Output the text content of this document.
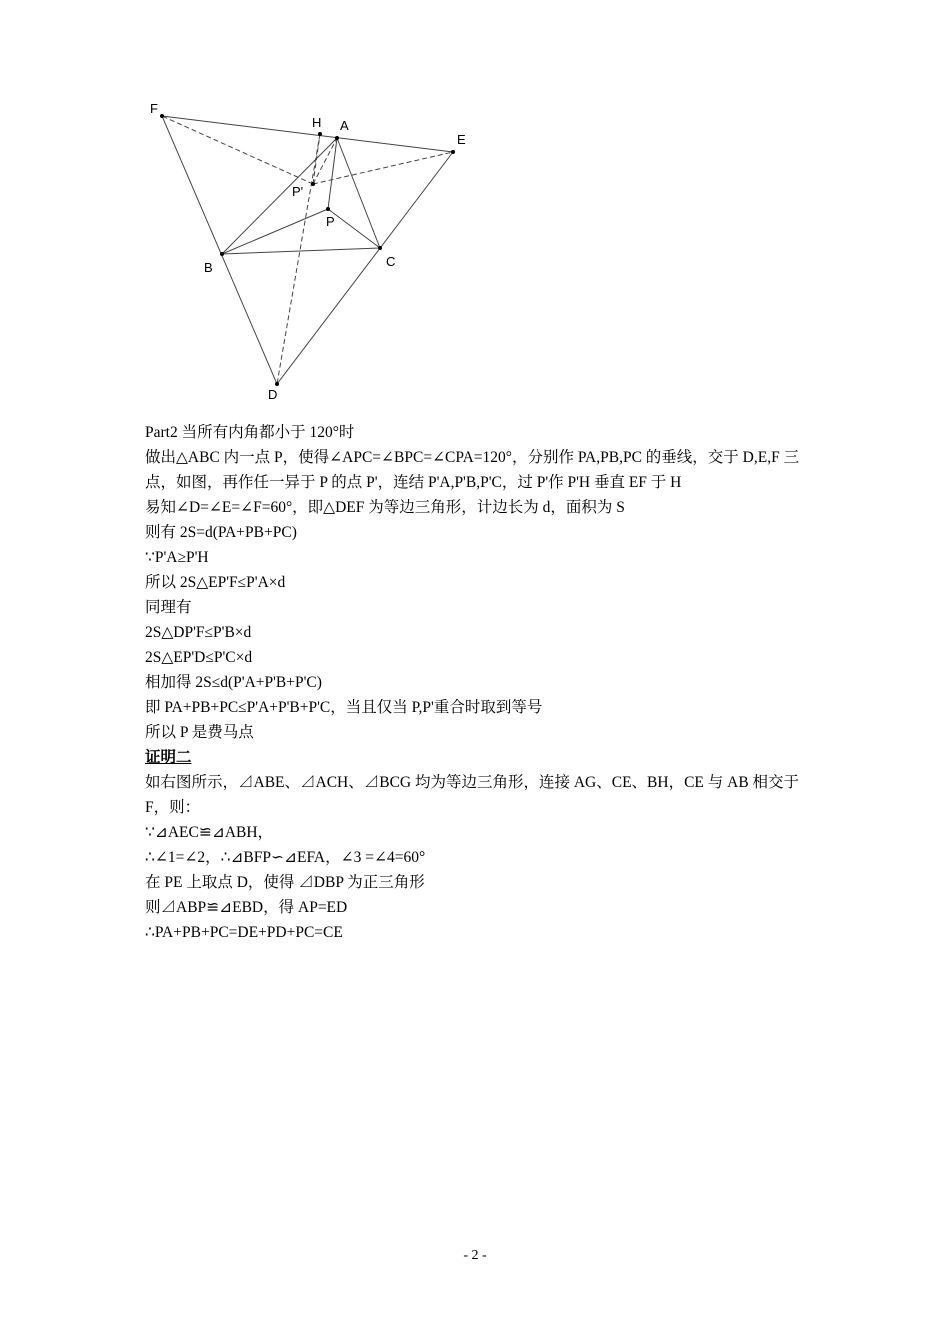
F
H A
E
P'
P
B	C
D
Part2 当所有内角都小于 120°时
做出△ABC 内一点 P，使得∠APC=∠BPC=∠CPA=120°，分别作 PA,PB,PC 的垂线，交于 D,E,F 三点，如图，再作任一异于 P 的点 P'，连结 P'A,P'B,P'C，过 P'作 P'H 垂直 EF 于 H
易知∠D=∠E=∠F=60°，即△DEF 为等边三角形，计边长为 d，面积为 S
则有 2S=d(PA+PB+PC)
∵P'A≥P'H
所以 2S△EP'F≤P'A×d
同理有
2S△DP'F≤P'B×d
2S△EP'D≤P'C×d
相加得 2S≤d(P'A+P'B+P'C)
即 PA+PB+PC≤P'A+P'B+P'C，当且仅当 P,P'重合时取到等号
所以 P 是费马点
证明二
如右图所示，⊿ABE、⊿ACH、⊿BCG 均为等边三角形，连接 AG、CE、BH，CE 与 AB 相交于 F，则：
∵⊿AEC≌⊿ABH，
∴∠1=∠2，∴⊿BFP∽⊿EFA，∠3 =∠4=60°
在 PE 上取点 D，使得 ⊿DBP 为正三角形
则⊿ABP≌⊿EBD，得 AP=ED
∴PA+PB+PC=DE+PD+PC=CE
- 2 -
